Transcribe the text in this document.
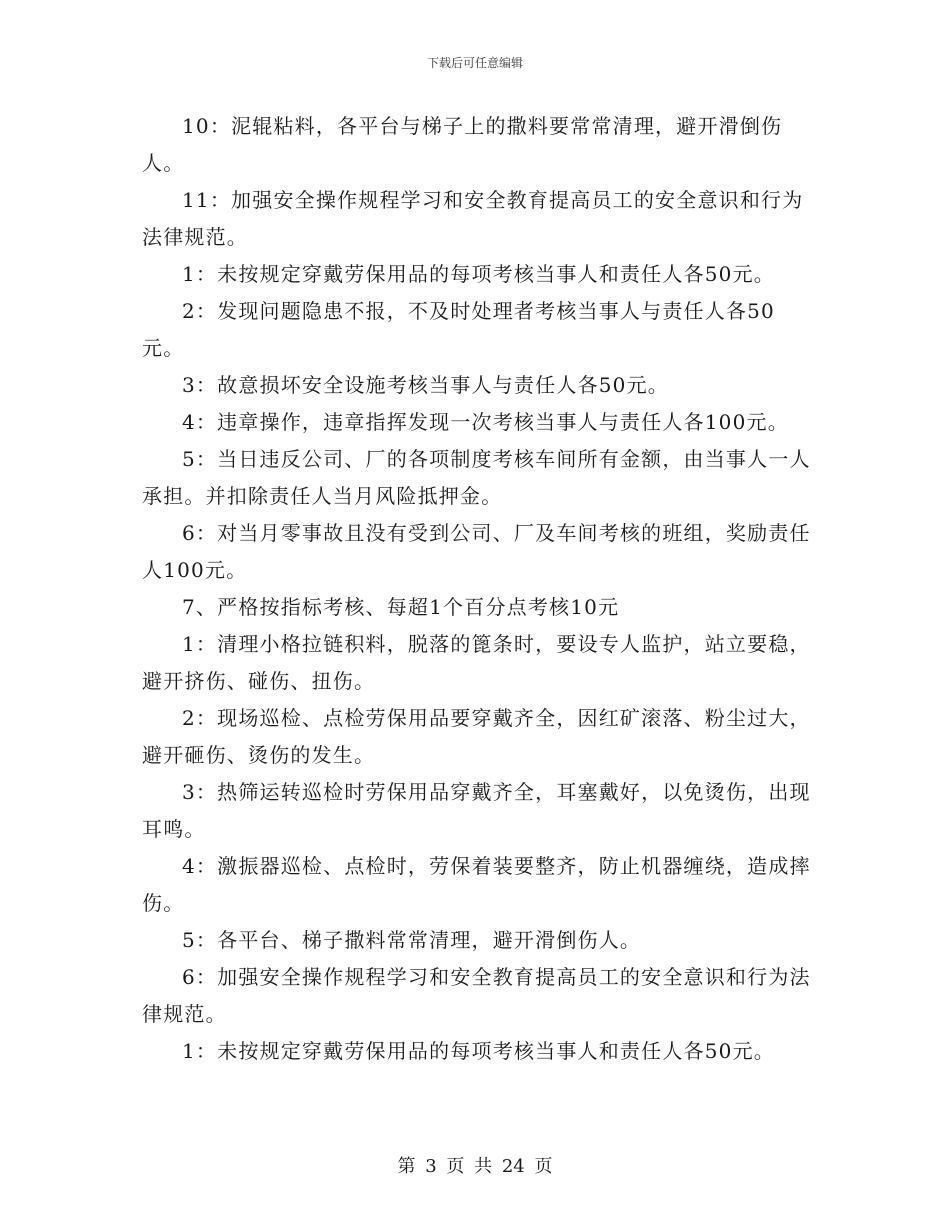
下载后可任意编辑

10：泥辊粘料，各平台与梯子上的撒料要常常清理，避开滑倒伤人。

11：加强安全操作规程学习和安全教育提高员工的安全意识和行为法律规范。

1：未按规定穿戴劳保用品的每项考核当事人和责任人各50元。

2：发现问题隐患不报，不及时处理者考核当事人与责任人各50元。

3：故意损坏安全设施考核当事人与责任人各50元。

4：违章操作，违章指挥发现一次考核当事人与责任人各100元。

5：当日违反公司、厂的各项制度考核车间所有金额，由当事人一人承担。并扣除责任人当月风险抵押金。

6：对当月零事故且没有受到公司、厂及车间考核的班组，奖励责任人100元。

7、严格按指标考核、每超1个百分点考核10元

1：清理小格拉链积料，脱落的篦条时，要设专人监护，站立要稳，避开挤伤、碰伤、扭伤。

2：现场巡检、点检劳保用品要穿戴齐全，因红矿滚落、粉尘过大，避开砸伤、烫伤的发生。

3：热筛运转巡检时劳保用品穿戴齐全，耳塞戴好，以免烫伤，出现耳鸣。

4：激振器巡检、点检时，劳保着装要整齐，防止机器缠绕，造成摔伤。

5：各平台、梯子撒料常常清理，避开滑倒伤人。

6：加强安全操作规程学习和安全教育提高员工的安全意识和行为法律规范。

1：未按规定穿戴劳保用品的每项考核当事人和责任人各50元。

第 3 页 共 24 页
